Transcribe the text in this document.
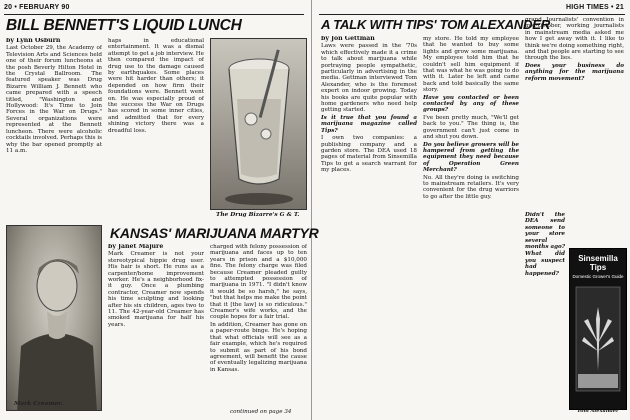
20 • FEBRUARY 90
BILL BENNETT'S LIQUID LUNCH

by Lynn Osburn

Last October 29, the Academy of Television Arts and Sciences held one of their forum luncheons at the posh Beverly Hilton Hotel in the Crystal Ballroom. The featured speaker was Drug Bizarre William J. Bennett who came prepared with a speech titled, "Washington and Hollywood: It's Time to Join Forces in the War on Drugs." Several organizations were represented at the Bennett luncheon. There were alcoholic cocktails involved. Perhaps this is why the bar opened promptly at 11 a.m.

haps in educational entertainment. It was a dismal attempt to get a job interview. He then compared the impact of drug use to the damage caused by earthquakes. Some places were hit harder than others; it depended on how firm their foundations were. Bennett went on. He was especially proud of the success the War on Drugs has scored in some inner cities, and admitted that for every shining victory there was a dreadful loss.

The Drug Bizarre's G & T.
KANSAS' MARIJUANA MARTYR
Mark Creamer.

by Janet Majure

Mark Creamer is not your stereotypical hippie drug user. His hair is short. He runs as a carpenter/home improvement worker. He's a neighborhood fix-it guy. Once a plumbing contractor, Creamer now spends his time sculpting and looking after his six children, ages two to 11. The 42-year-old Creamer has smoked marijuana for half his years.

charged with felony possession of marijuana and faces up to ten years in prison and a $10,000 fine. The felony charge was filed because Creamer pleaded guilty to attempted possession of marijuana in 1971. "I didn't know it would be so harsh," he says, "but that helps me make the point that it [the law] is so ridiculous." Creamer's wife works, and the couple hopes for a fair trial.

In addition, Creamer has gone on a paper-route binge. He's hoping that what officials will see as a fair example, which he's required to submit as part of his bond agreement, will benefit the cause of eventually legalizing marijuana in Kansas.

continued on page 34
HIGH TIMES • 21
A TALK WITH TIPS' TOM ALEXANDER

by Jon Gettman

Laws were passed in the '70s which effectively made it a crime to talk about marijuana while portraying people sympathetic, particularly in advertising in the media. Gettman interviewed Tom Alexander, who is the foremost expert on indoor growing. Today his books are quite popular with home gardeners who need help getting started.

Is it true that you found a marijuana magazine called Tips?

I own two companies: a publishing company and a garden store. The DEA used 18 pages of material from Sinsemilla Tips to get a search warrant for my places.

my store. He told my employee that he wanted to buy some lights and grow some marijuana. My employee told him that he couldn't sell him equipment if that was what he was going to do with it. Later he left and came back and told basically the same story.

Have you contacted or been contacted by any of these groups?

I've been pretty much, "We'll get back to you." The thing is, the government can't just come in and shut you down.

Do you believe growers will be hampered from getting the equipment they need because of Operation Green Merchant?

No. All they're doing is switching to mainstream retailers. It's very convenient for the drug warriors to go after the little guy.

grand Journalists' convention in mid-October, working journalists in mainstream media asked me how I get away with it. I like to think we're doing something right, and that people are starting to see through the lies.

Does your business do anything for the marijuana reform movement?

Didn't the DEA send someone to your store several months ago?

What did you suspect had happened?

Sinsemilla Tips
Domestic Grower's Guide
Tom Alexander
